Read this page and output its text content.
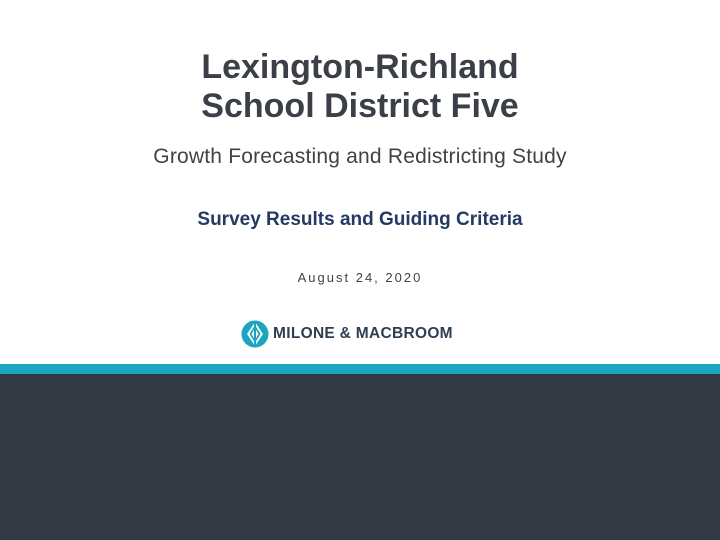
Lexington-Richland
School District Five
Growth Forecasting and Redistricting Study
Survey Results and Guiding Criteria
August 24, 2020
MILONE & MACBROOM
